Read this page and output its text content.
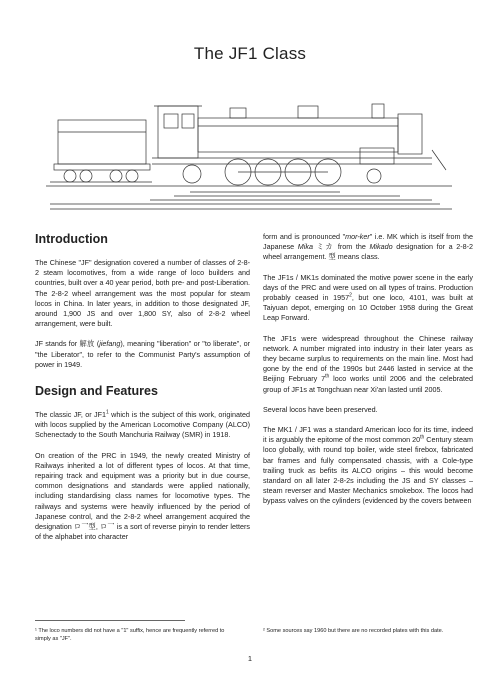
The JF1 Class
Introduction

The Chinese "JF" designation covered a number of classes of 2-8-2 steam locomotives, from a wide range of loco builders and countries, built over a 40 year period, both pre- and post-Liberation. The 2-8-2 wheel arrangement was the most popular for steam locos in China. In later years, in addition to those designated JF, around 1,900 JS and over 1,800 SY, also of 2-8-2 wheel arrangement, were built.

JF stands for 解放 (jiefang), meaning "liberation" or "to liberate", or "the Liberator", to refer to the Communist Party's assumption of power in 1949.

Design and Features

The classic JF, or $JF1^1$ which is the subject of this work, originated with locos supplied by the American Locomotive Company (ALCO) Schenectady to the South Manchuria Railway (SMR) in 1918.

On creation of the PRC in 1949, the newly created Ministry of Railways inherited a lot of different types of locos. At that time, repairing track and equipment was a priority but in due course, common designations and standards were applied nationally, including standardising class names for locomotive types. The railways and systems were heavily influenced by the period of Japanese control, and the 2-8-2 wheel arrangement acquired the designation ロ乛型, ロ乛 is a sort of reverse pinyin to render letters of the alphabet into character

form and is pronounced "mor-ker" i.e. MK which is itself from the Japanese Mika ミカ from the Mikado designation for a 2-8-2 wheel arrangement. 型 means class.

The JF1s / MK1s dominated the motive power scene in the early days of the PRC and were used on all types of trains. Production probably ceased in 1957$^2$, but one loco, 4101, was built at Taiyuan depot, emerging on 10 October 1958 during the Great Leap Forward.

The JF1s were widespread throughout the Chinese railway network. A number migrated into industry in their later years as they became surplus to requirements on the main line. Most had gone by the end of the 1990s but 2446 lasted in service at the Beijing February 7th loco works until 2006 and the celebrated group of JF1s at Tongchuan near Xi'an lasted until 2005.

Several locos have been preserved.

The MK1 / JF1 was a standard American loco for its time, indeed it is arguably the epitome of the most common 20th Century steam loco globally, with round top boiler, wide steel firebox, fabricated bar frames and fully compensated chassis, with a Cole-type trailing truck as befits its ALCO origins – this would become standard on all later 2-8-2s including the JS and SY classes – steam reverser and Master Mechanics smokebox. The locos had bypass valves on the cylinders (evidenced by the covers between

¹ The loco numbers did not have a "1" suffix, hence are frequently referred to simply as "JF".
² Some sources say 1960 but there are no recorded plates with this date.
1
